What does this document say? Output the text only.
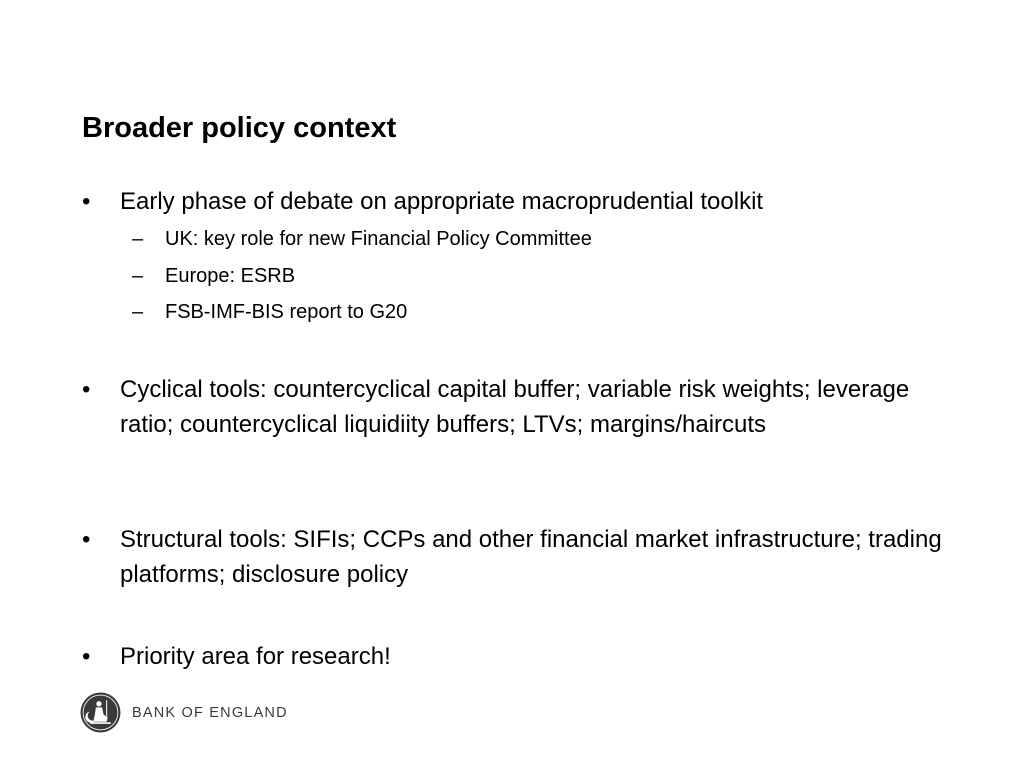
Broader policy context
•	Early phase of debate on appropriate macroprudential toolkit
– UK: key role for new Financial Policy Committee
– Europe: ESRB
– FSB-IMF-BIS report to G20
•	Cyclical tools: countercyclical capital buffer; variable risk weights; leverage ratio; countercyclical liquidiity buffers; LTVs; margins/haircuts
•	Structural tools: SIFIs; CCPs and other financial market infrastructure; trading platforms; disclosure policy
•	Priority area for research!
BANK OF ENGLAND
